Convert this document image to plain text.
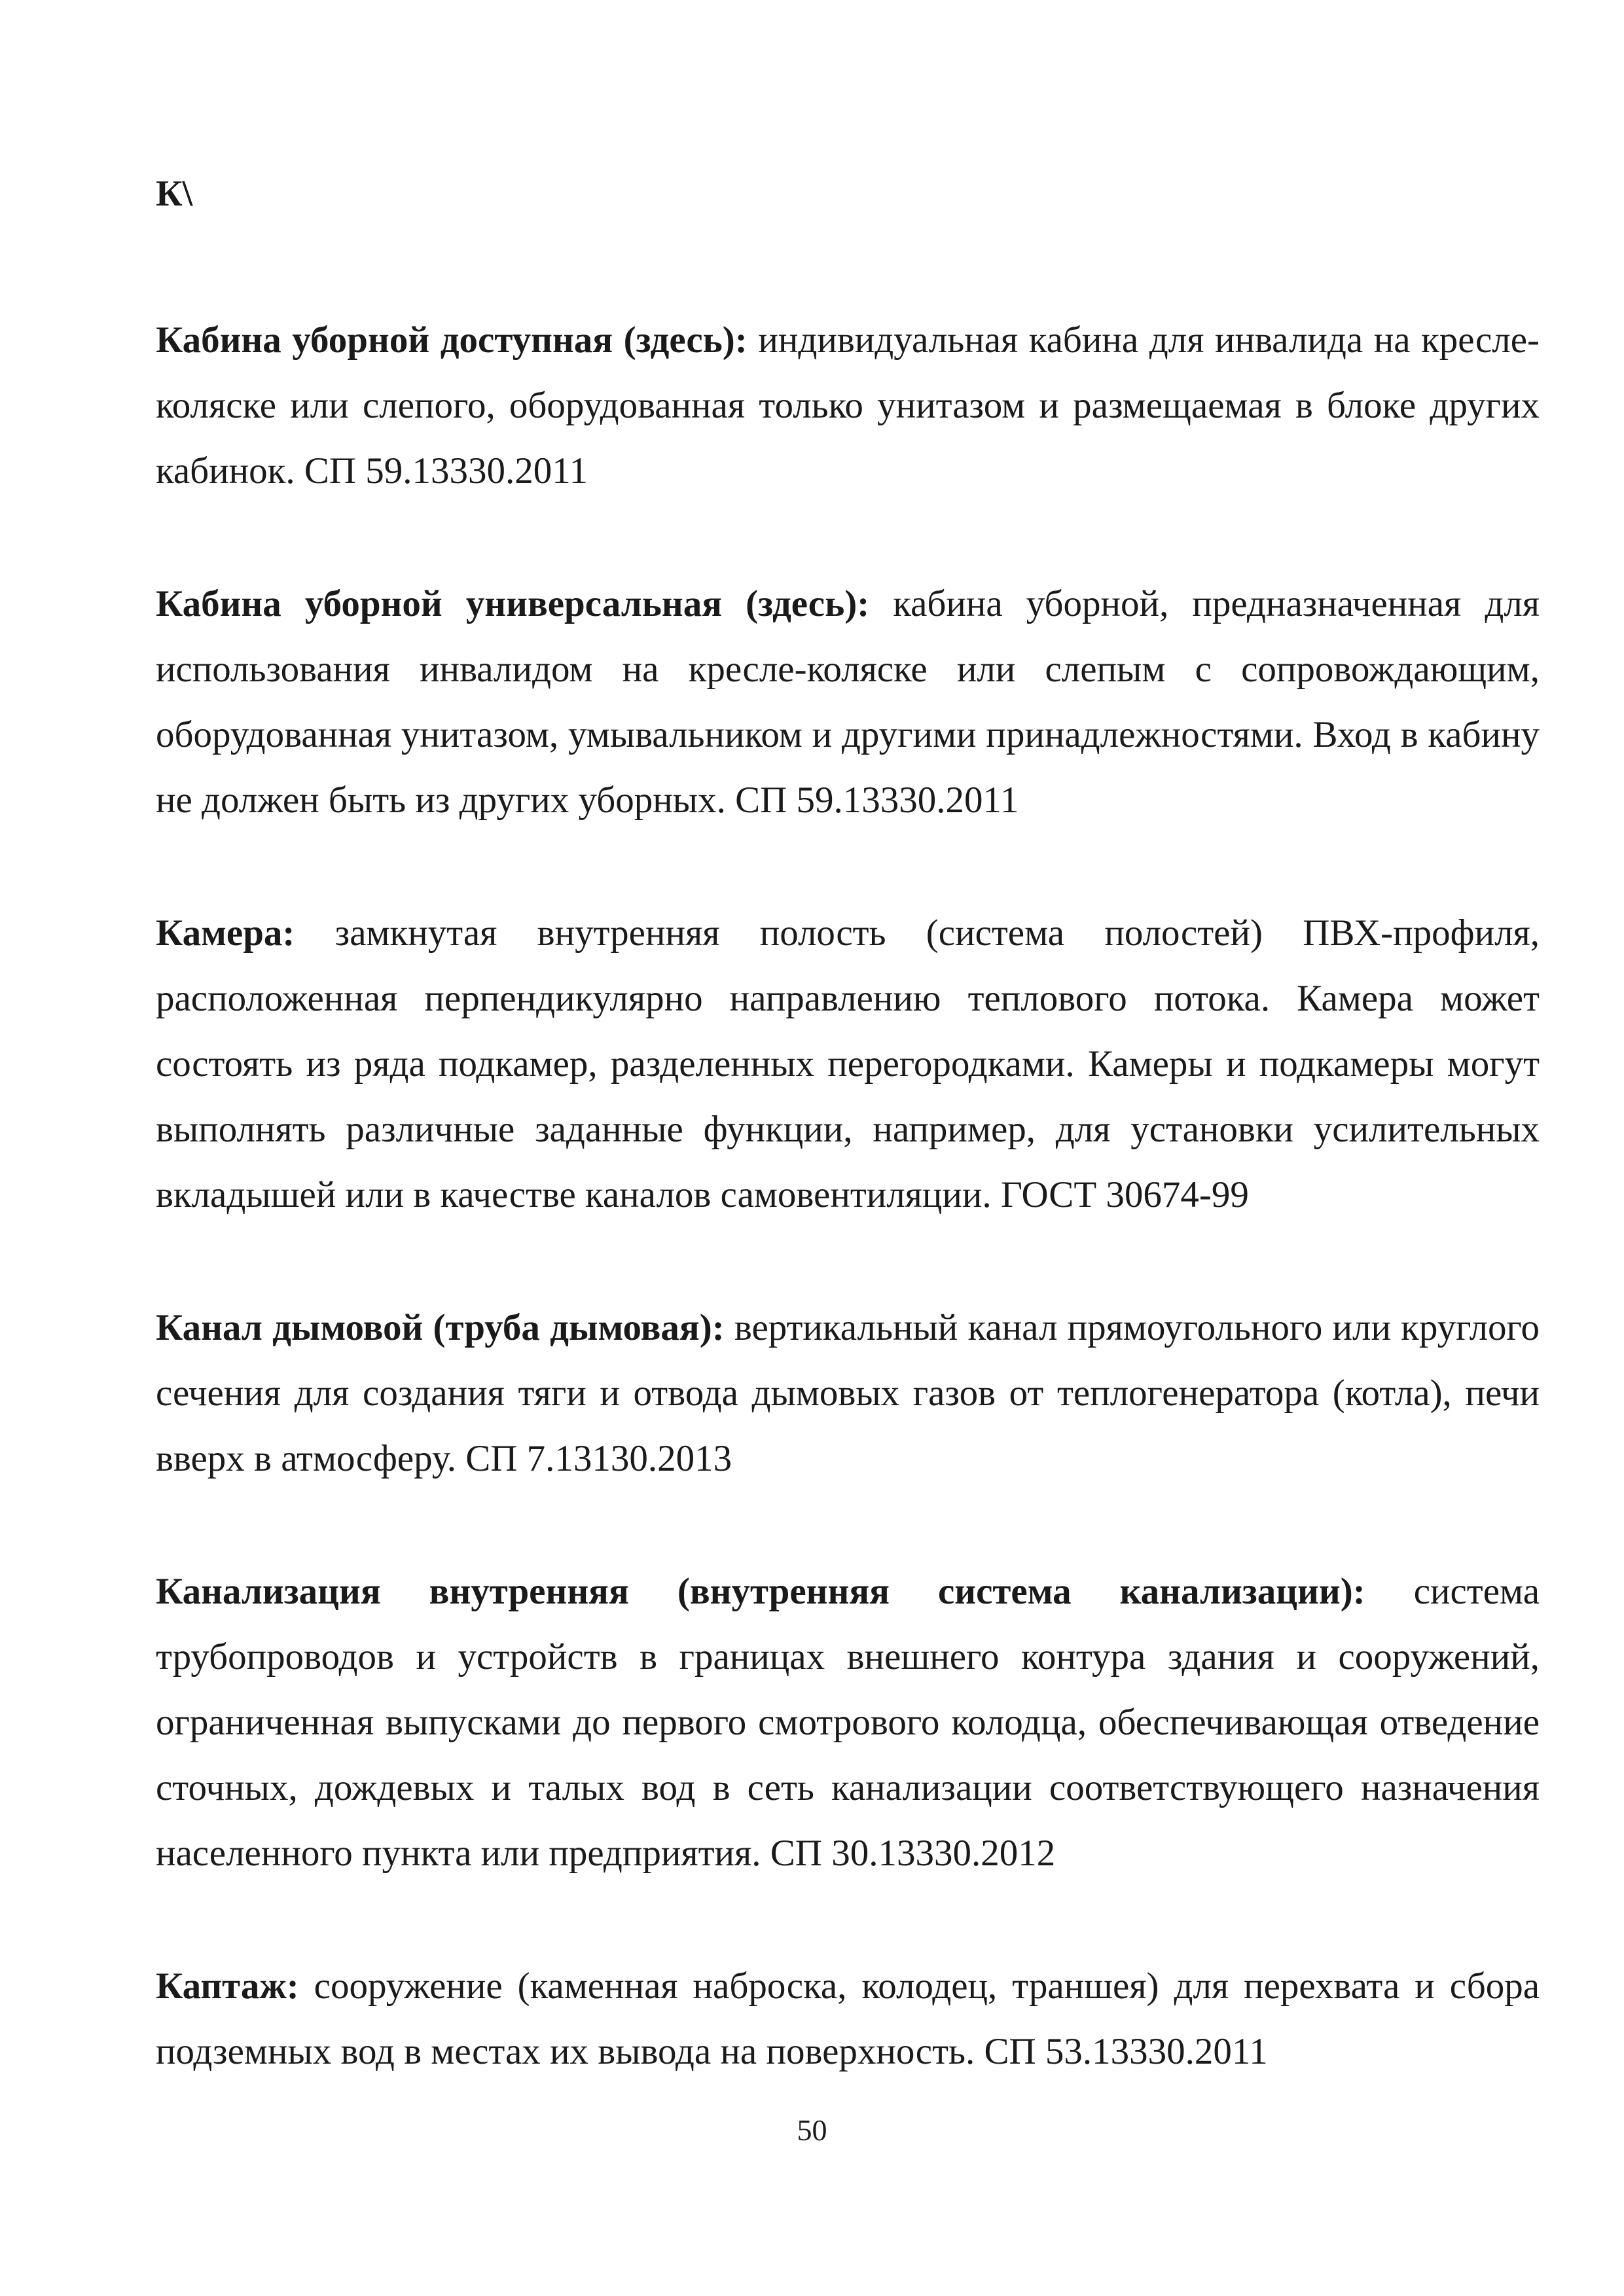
К\

Кабина уборной доступная (здесь): индивидуальная кабина для инвалида на кресле-коляске или слепого, оборудованная только унитазом и размещаемая в блоке других кабинок. СП 59.13330.2011

Кабина уборной универсальная (здесь): кабина уборной, предназначенная для использования инвалидом на кресле-коляске или слепым с сопровождающим, оборудованная унитазом, умывальником и другими принадлежностями. Вход в кабину не должен быть из других уборных. СП 59.13330.2011

Камера: замкнутая внутренняя полость (система полостей) ПВХ-профиля, расположенная перпендикулярно направлению теплового потока. Камера может состоять из ряда подкамер, разделенных перегородками. Камеры и подкамеры могут выполнять различные заданные функции, например, для установки усилительных вкладышей или в качестве каналов самовентиляции. ГОСТ 30674-99

Канал дымовой (труба дымовая): вертикальный канал прямоугольного или круглого сечения для создания тяги и отвода дымовых газов от теплогенератора (котла), печи вверх в атмосферу. СП 7.13130.2013

Канализация внутренняя (внутренняя система канализации): система трубопроводов и устройств в границах внешнего контура здания и сооружений, ограниченная выпусками до первого смотрового колодца, обеспечивающая отведение сточных, дождевых и талых вод в сеть канализации соответствующего назначения населенного пункта или предприятия. СП 30.13330.2012

Каптаж: сооружение (каменная наброска, колодец, траншея) для перехвата и сбора подземных вод в местах их вывода на поверхность. СП 53.13330.2011

50
